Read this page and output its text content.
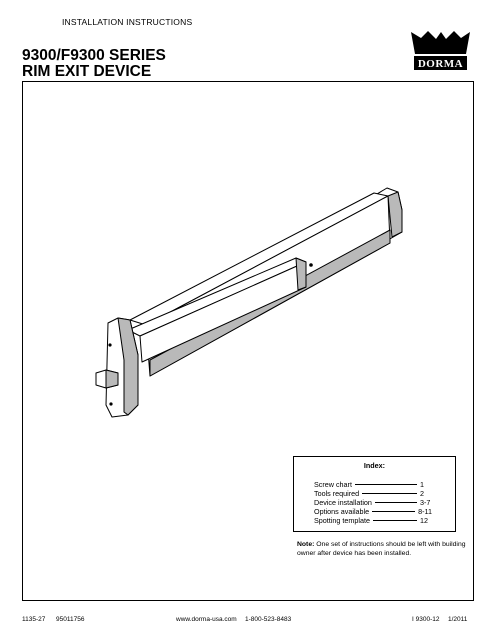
INSTALLATION INSTRUCTIONS
9300/F9300 SERIES
RIM EXIT DEVICE	DORMA
Index:
Screw chart	1
Tools required	2
Device installation	3-7
Options available	8-11
Spotting template	12
Note: One set of instructions should be left with building owner after device has been installed.
1135-27 95011756	www.dorma-usa.com 1-800-523-8483	I 9300-12 1/2011
